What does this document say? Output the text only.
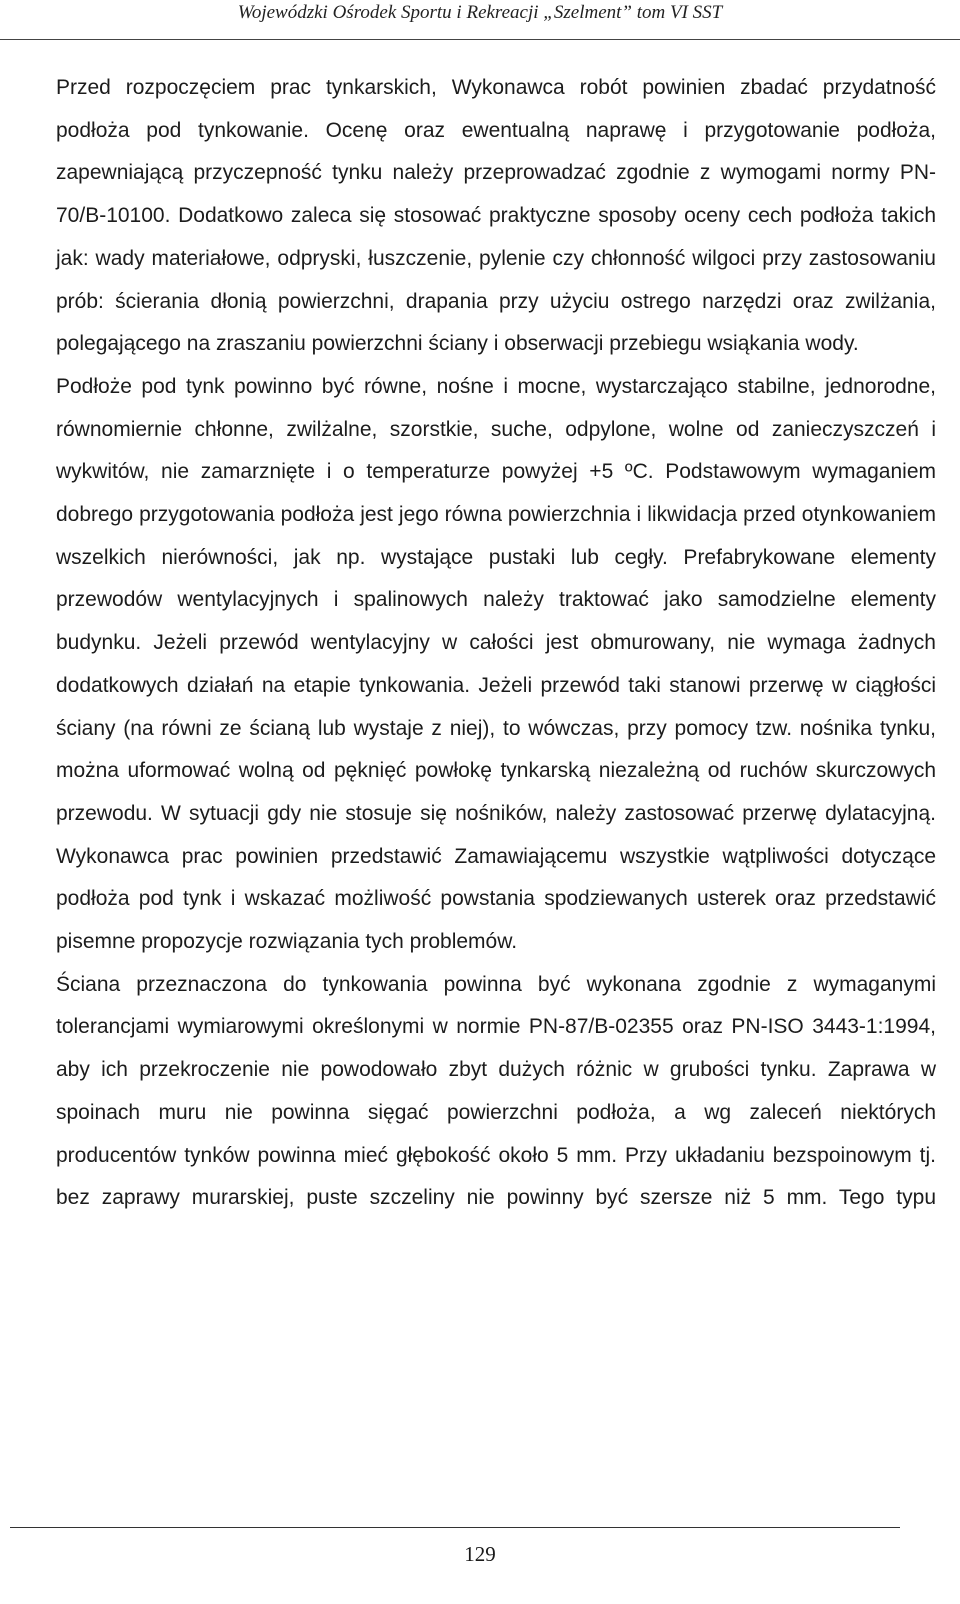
Wojewódzki Ośrodek Sportu i Rekreacji „Szelment” tom VI SST

Przed rozpoczęciem prac tynkarskich, Wykonawca robót powinien zbadać przydatność podłoża pod tynkowanie. Ocenę oraz ewentualną naprawę i przygotowanie podłoża, zapewniającą przyczepność tynku należy przeprowadzać zgodnie z wymogami normy PN-70/B-10100. Dodatkowo zaleca się stosować praktyczne sposoby oceny cech podłoża takich jak: wady materiałowe, odpryski, łuszczenie, pylenie czy chłonność wilgoci przy zastosowaniu prób: ścierania dłonią powierzchni, drapania przy użyciu ostrego narzędzi oraz zwilżania, polegającego na zraszaniu powierzchni ściany i obserwacji przebiegu wsiąkania wody.

Podłoże pod tynk powinno być równe, nośne i mocne, wystarczająco stabilne, jednorodne, równomiernie chłonne, zwilżalne, szorstkie, suche, odpylone, wolne od zanieczyszczeń i wykwitów, nie zamarznięte i o temperaturze powyżej +5 ºC. Podstawowym wymaganiem dobrego przygotowania podłoża jest jego równa powierzchnia i likwidacja przed otynkowaniem wszelkich nierówności, jak np. wystające pustaki lub cegły. Prefabrykowane elementy przewodów wentylacyjnych i spalinowych należy traktować jako samodzielne elementy budynku. Jeżeli przewód wentylacyjny w całości jest obmurowany, nie wymaga żadnych dodatkowych działań na etapie tynkowania. Jeżeli przewód taki stanowi przerwę w ciągłości ściany (na równi ze ścianą lub wystaje z niej), to wówczas, przy pomocy tzw. nośnika tynku, można uformować wolną od pęknięć powłokę tynkarską niezależną od ruchów skurczowych przewodu. W sytuacji gdy nie stosuje się nośników, należy zastosować przerwę dylatacyjną. Wykonawca prac powinien przedstawić Zamawiającemu wszystkie wątpliwości dotyczące podłoża pod tynk i wskazać możliwość powstania spodziewanych usterek oraz przedstawić pisemne propozycje rozwiązania tych problemów.

Ściana przeznaczona do tynkowania powinna być wykonana zgodnie z wymaganymi tolerancjami wymiarowymi określonymi w normie PN-87/B-02355 oraz PN-ISO 3443-1:1994, aby ich przekroczenie nie powodowało zbyt dużych różnic w grubości tynku. Zaprawa w spoinach muru nie powinna sięgać powierzchni podłoża, a wg zaleceń niektórych producentów tynków powinna mieć głębokość około 5 mm. Przy układaniu bezspoinowym tj. bez zaprawy murarskiej, puste szczeliny nie powinny być szersze niż 5 mm. Tego typu

129
